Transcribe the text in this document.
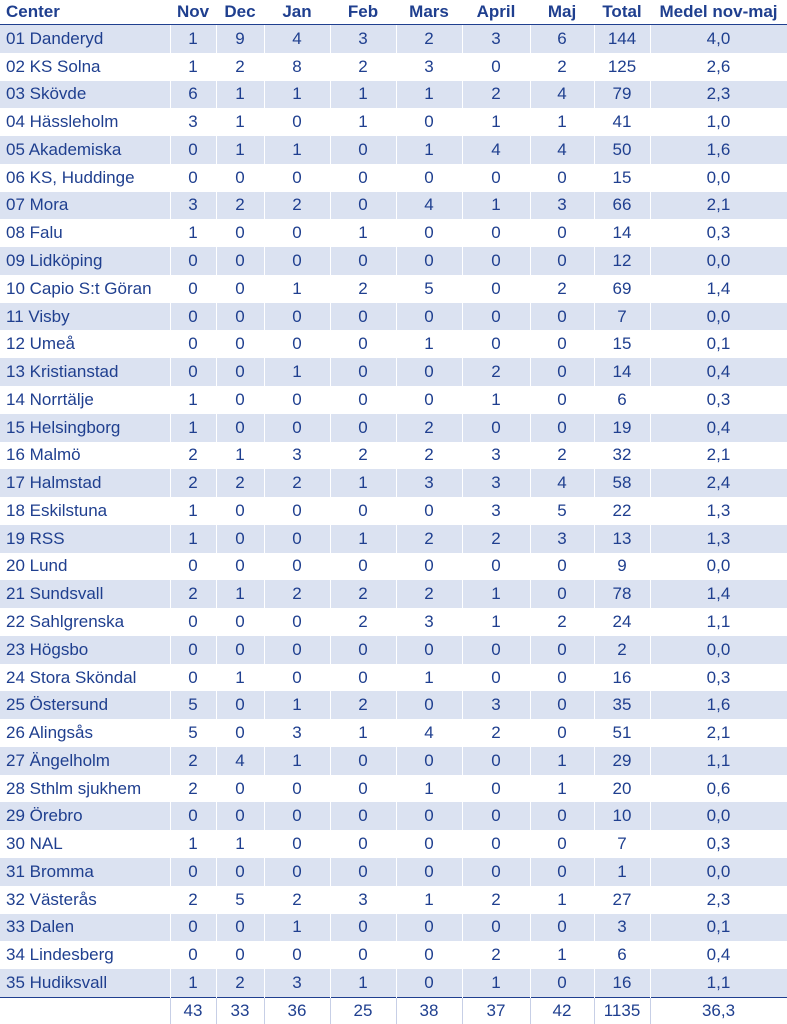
Center	Nov	Dec	Jan	Feb	Mars	April	Maj	Total	Medel nov-maj
01 Danderyd	1	9	4	3	2	3	6	144	4,0
02 KS Solna	1	2	8	2	3	0	2	125	2,6
03 Skövde	6	1	1	1	1	2	4	79	2,3
04 Hässleholm	3	1	0	1	0	1	1	41	1,0
05 Akademiska	0	1	1	0	1	4	4	50	1,6
06 KS, Huddinge	0	0	0	0	0	0	0	15	0,0
07 Mora	3	2	2	0	4	1	3	66	2,1
08 Falu	1	0	0	1	0	0	0	14	0,3
09 Lidköping	0	0	0	0	0	0	0	12	0,0
10 Capio S:t Göran	0	0	1	2	5	0	2	69	1,4
11 Visby	0	0	0	0	0	0	0	7	0,0
12 Umeå	0	0	0	0	1	0	0	15	0,1
13 Kristianstad	0	0	1	0	0	2	0	14	0,4
14 Norrtälje	1	0	0	0	0	1	0	6	0,3
15 Helsingborg	1	0	0	0	2	0	0	19	0,4
16 Malmö	2	1	3	2	2	3	2	32	2,1
17 Halmstad	2	2	2	1	3	3	4	58	2,4
18 Eskilstuna	1	0	0	0	0	3	5	22	1,3
19 RSS	1	0	0	1	2	2	3	13	1,3
20 Lund	0	0	0	0	0	0	0	9	0,0
21 Sundsvall	2	1	2	2	2	1	0	78	1,4
22 Sahlgrenska	0	0	0	2	3	1	2	24	1,1
23 Högsbo	0	0	0	0	0	0	0	2	0,0
24 Stora Sköndal	0	1	0	0	1	0	0	16	0,3
25 Östersund	5	0	1	2	0	3	0	35	1,6
26 Alingsås	5	0	3	1	4	2	0	51	2,1
27 Ängelholm	2	4	1	0	0	0	1	29	1,1
28 Sthlm sjukhem	2	0	0	0	1	0	1	20	0,6
29 Örebro	0	0	0	0	0	0	0	10	0,0
30 NAL	1	1	0	0	0	0	0	7	0,3
31 Bromma	0	0	0	0	0	0	0	1	0,0
32 Västerås	2	5	2	3	1	2	1	27	2,3
33 Dalen	0	0	1	0	0	0	0	3	0,1
34 Lindesberg	0	0	0	0	0	2	1	6	0,4
35 Hudiksvall	1	2	3	1	0	1	0	16	1,1
	43	33	36	25	38	37	42	1135	36,3
